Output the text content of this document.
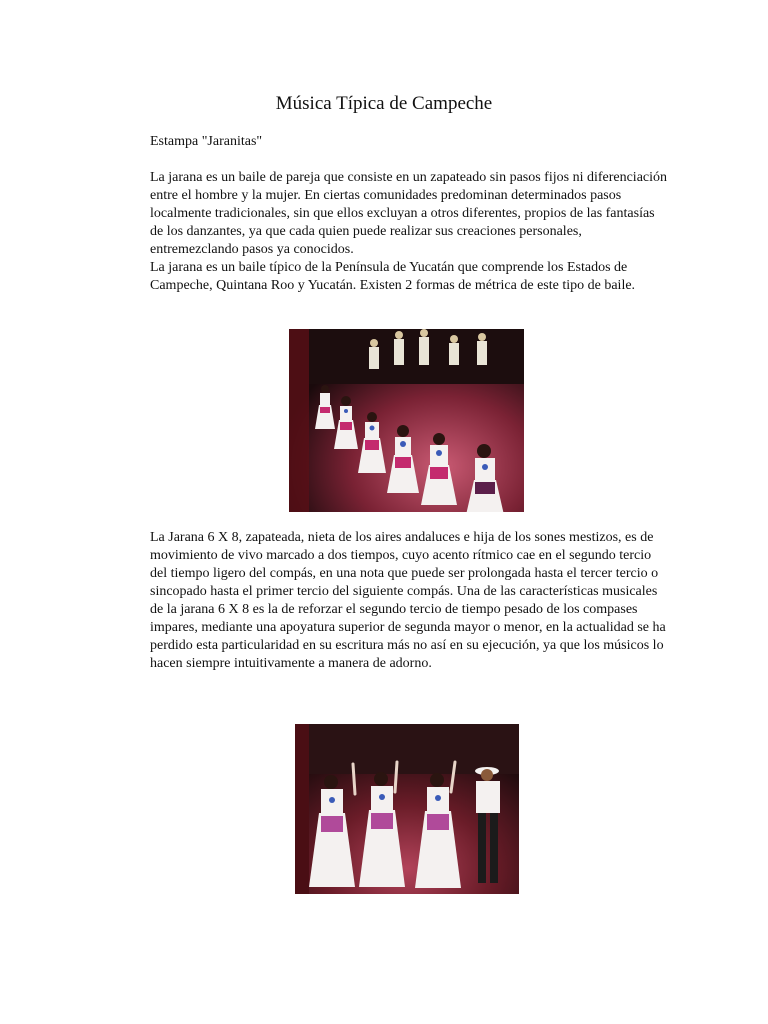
Música Típica de Campeche

Estampa "Jaranitas"

La jarana es un baile de pareja que consiste en un zapateado sin pasos fijos ni diferenciación entre el hombre y la mujer. En ciertas comunidades predominan determinados pasos localmente tradicionales, sin que ellos excluyan a otros diferentes, propios de las fantasías de los danzantes, ya que cada quien puede realizar sus creaciones personales, entremezclando pasos ya conocidos.

La jarana es un baile típico de la Península de Yucatán que comprende los Estados de Campeche, Quintana Roo y Yucatán. Existen 2 formas de métrica de este tipo de baile.

La Jarana 6 X 8, zapateada, nieta de los aires andaluces e hija de los sones mestizos, es de movimiento de vivo marcado a dos tiempos, cuyo acento rítmico cae en el segundo tercio del tiempo ligero del compás, en una nota que puede ser prolongada hasta el tercer tercio o sincopado hasta el primer tercio del siguiente compás. Una de las características musicales de la jarana 6 X 8 es la de reforzar el segundo tercio de tiempo pesado de los compases impares, mediante una apoyatura superior de segunda mayor o menor, en la actualidad se ha perdido esta particularidad en su escritura más no así en su ejecución, ya que los músicos lo hacen siempre intuitivamente a manera de adorno.
